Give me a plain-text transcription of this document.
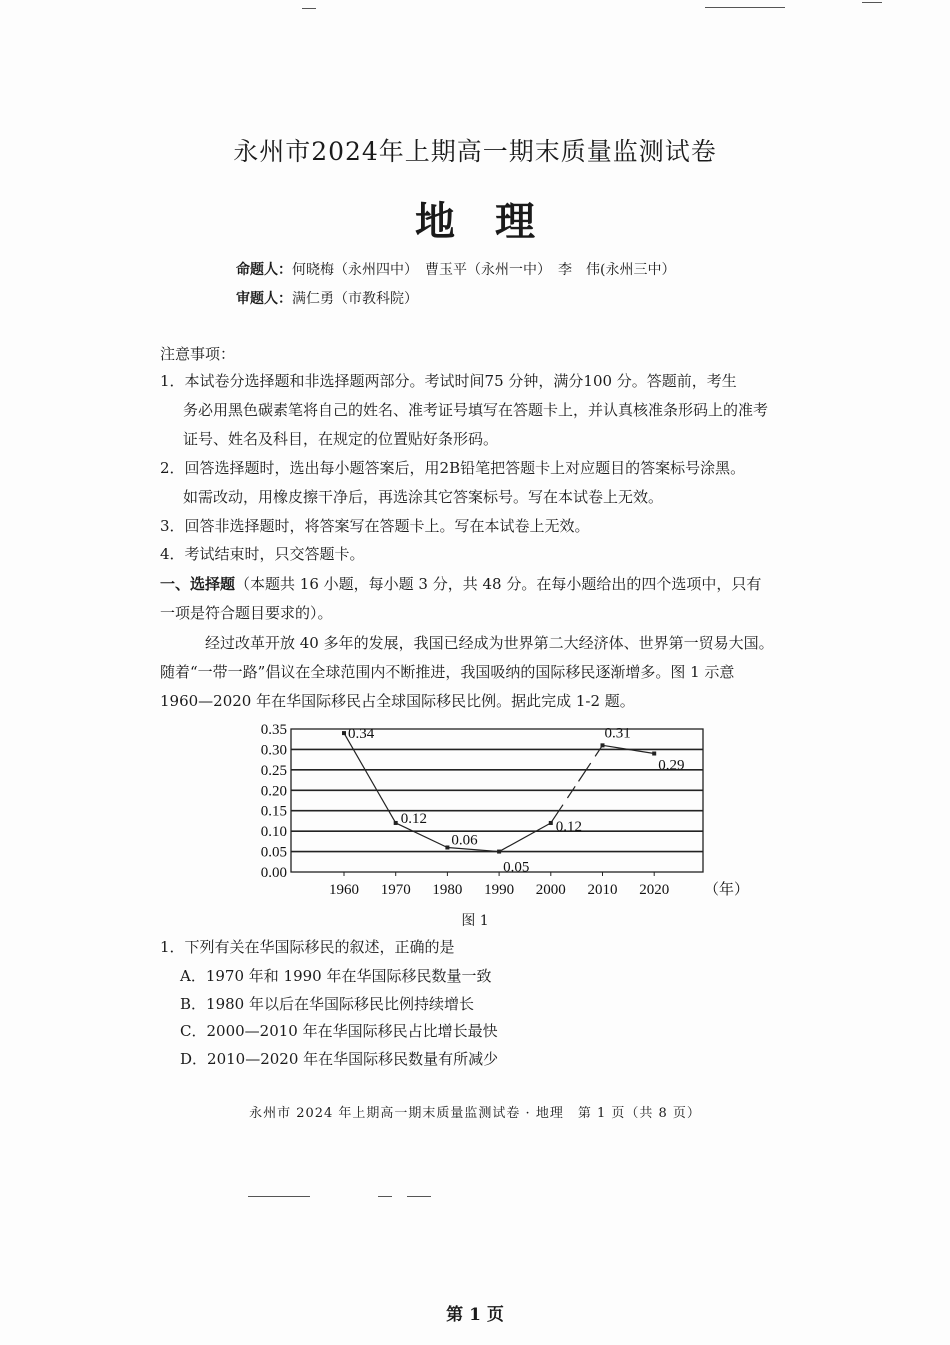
永州市2024年上期高一期末质量监测试卷
地理
命题人：何晓梅（永州四中）　曹玉平（永州一中）　李　伟(永州三中）
审题人：满仁勇（市教科院）
注意事项：
1．本试卷分选择题和非选择题两部分。考试时间75 分钟，满分100 分。答题前，考生
务必用黑色碳素笔将自己的姓名、准考证号填写在答题卡上，并认真核准条形码上的准考
证号、姓名及科目，在规定的位置贴好条形码。
2．回答选择题时，选出每小题答案后，用2B铅笔把答题卡上对应题目的答案标号涂黑。
如需改动，用橡皮擦干净后，再选涂其它答案标号。写在本试卷上无效。
3．回答非选择题时，将答案写在答题卡上。写在本试卷上无效。
4．考试结束时，只交答题卡。
一、选择题（本题共 16 小题，每小题 3 分，共 48 分。在每小题给出的四个选项中，只有
一项是符合题目要求的）。
经过改革开放 40 多年的发展，我国已经成为世界第二大经济体、世界第一贸易大国。
随着“一带一路”倡议在全球范围内不断推进，我国吸纳的国际移民逐渐增多。图 1 示意
1960—2020 年在华国际移民占全球国际移民比例。据此完成 1-2 题。
0.00
0.05
0.10
0.15
0.20
0.25
0.30
0.35
1960 1970 1980 1990 2000 2010 2020
0.34
0.12
0.06
0.05
0.12
0.31
0.29
（年）
图 1
1．下列有关在华国际移民的叙述，正确的是
A．1970 年和 1990 年在华国际移民数量一致
B．1980 年以后在华国际移民比例持续增长
C．2000—2010 年在华国际移民占比增长最快
D．2010—2020 年在华国际移民数量有所减少
永州市 2024 年上期高一期末质量监测试卷 · 地理　第 1 页（共 8 页）
第 1 页
